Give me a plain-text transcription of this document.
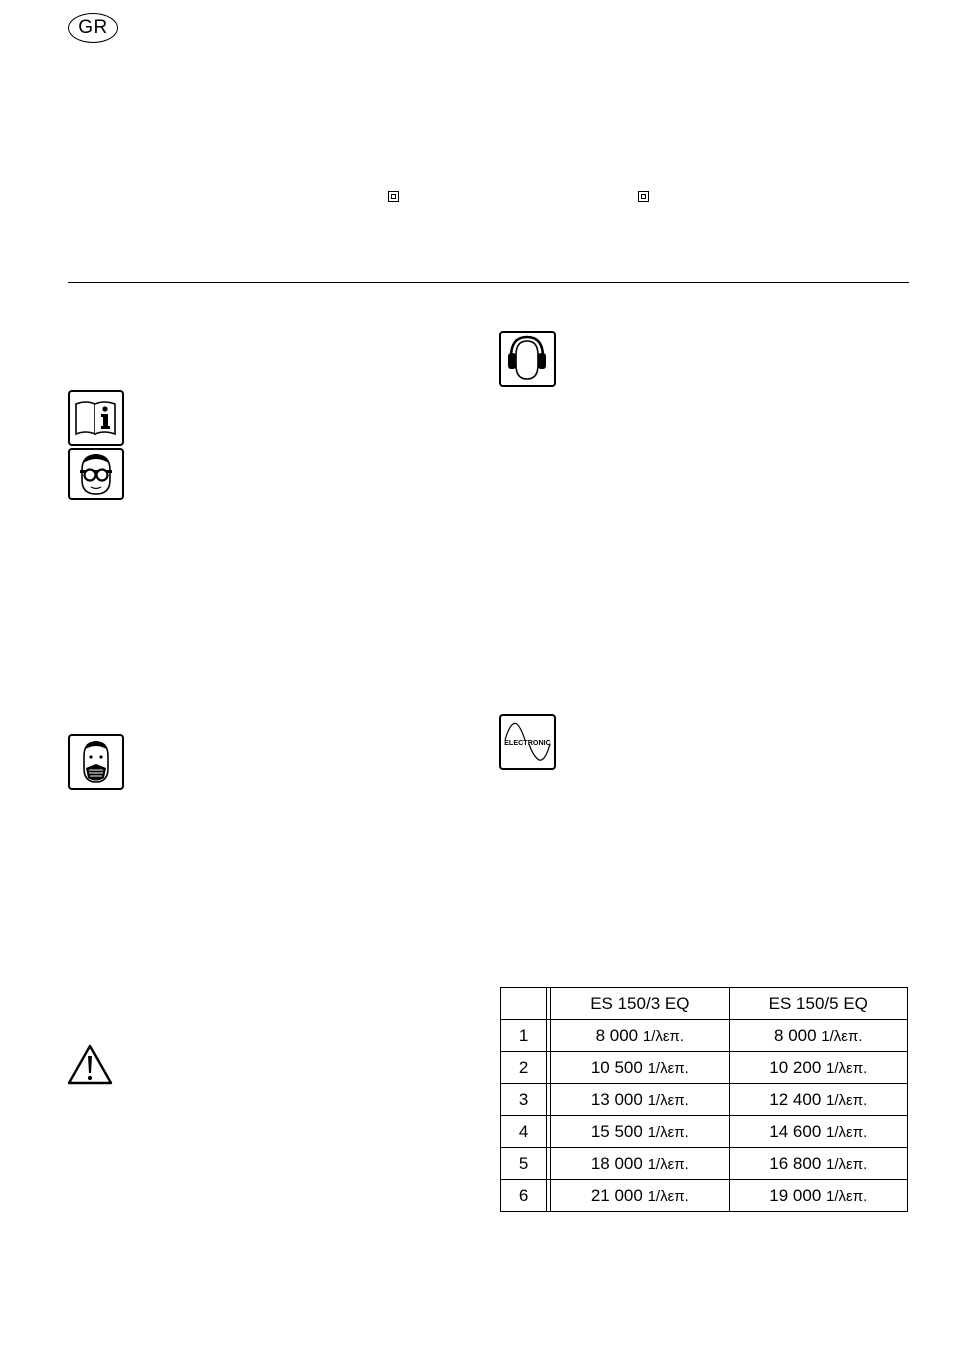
GR
ELECTRONIC
		ES 150/3 EQ	ES 150/5 EQ
1		8 000 1/λεπ.	8 000 1/λεπ.
2		10 500 1/λεπ.	10 200 1/λεπ.
3		13 000 1/λεπ.	12 400 1/λεπ.
4		15 500 1/λεπ.	14 600 1/λεπ.
5		18 000 1/λεπ.	16 800 1/λεπ.
6		21 000 1/λεπ.	19 000 1/λεπ.
